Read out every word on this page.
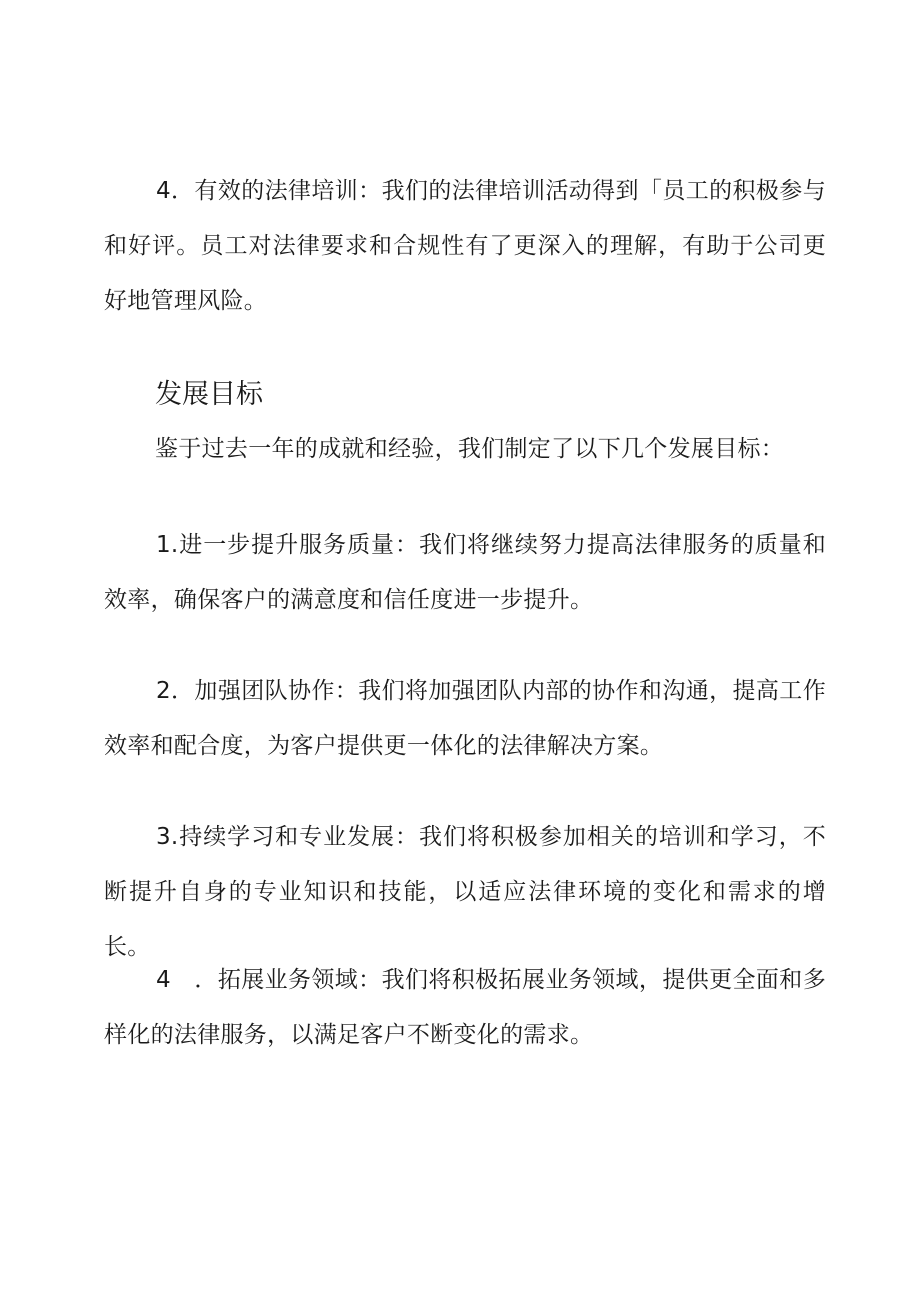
4．有效的法律培训：我们的法律培训活动得到「员工的积极参与和好评。员工对法律要求和合规性有了更深入的理解，有助于公司更好地管理风险。

发展目标

鉴于过去一年的成就和经验，我们制定了以下几个发展目标：

1.进一步提升服务质量：我们将继续努力提高法律服务的质量和效率，确保客户的满意度和信任度进一步提升。

2．加强团队协作：我们将加强团队内部的协作和沟通，提高工作效率和配合度，为客户提供更一体化的法律解决方案。

3.持续学习和专业发展：我们将积极参加相关的培训和学习，不断提升自身的专业知识和技能，以适应法律环境的变化和需求的增长。

4　．拓展业务领域：我们将积极拓展业务领域，提供更全面和多样化的法律服务，以满足客户不断变化的需求。
